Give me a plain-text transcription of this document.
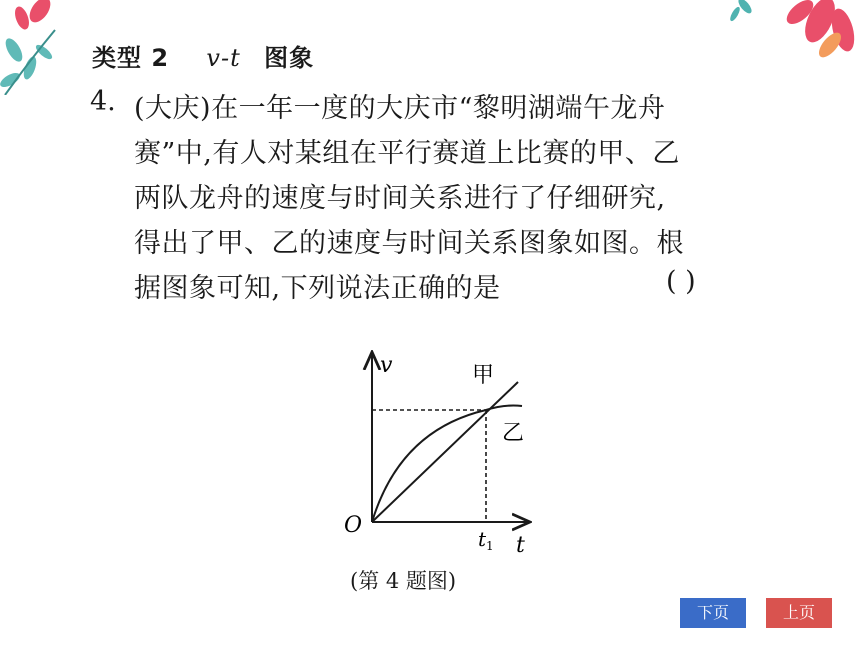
类型 2 v-t 图象
4. (大庆)在一年一度的大庆市“黎明湖端午龙舟
赛”中,有人对某组在平行赛道上比赛的甲、乙
两队龙舟的速度与时间关系进行了仔细研究,
得出了甲、乙的速度与时间关系图象如图。根
据图象可知,下列说法正确的是	( )
v
O
甲
乙
$t_1$ t
(第 4 题图)
下页	上页
